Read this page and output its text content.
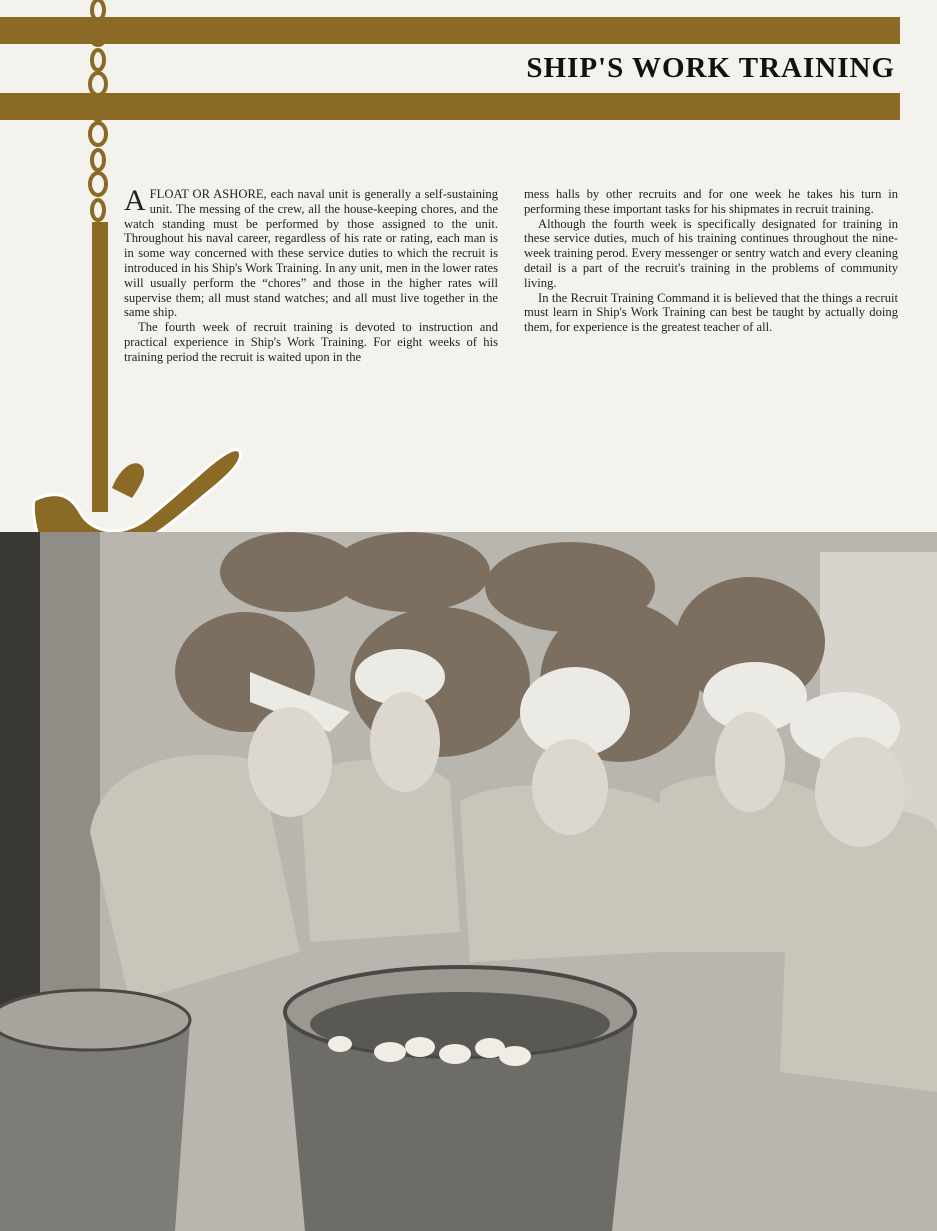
SHIP'S WORK TRAINING

AFLOAT OR ASHORE, each naval unit is generally a self-sustaining unit. The messing of the crew, all the house-keeping chores, and the watch standing must be performed by those assigned to the unit. Throughout his naval career, regardless of his rate or rating, each man is in some way concerned with these service duties to which the recruit is introduced in his Ship's Work Training. In any unit, men in the lower rates will usually perform the “chores” and those in the higher rates will supervise them; all must stand watches; and all must live together in the same ship.

The fourth week of recruit training is devoted to instruction and practical experience in Ship's Work Training. For eight weeks of his training period the recruit is waited upon in the

mess halls by other recruits and for one week he takes his turn in performing these important tasks for his shipmates in recruit training.

Although the fourth week is specifically designated for training in these service duties, much of his training continues throughout the nine-week training perod. Every messenger or sentry watch and every cleaning detail is a part of the recruit's training in the problems of community living.

In the Recruit Training Command it is believed that the things a recruit must learn in Ship's Work Training can best be taught by actually doing them, for experience is the greatest teacher of all.
